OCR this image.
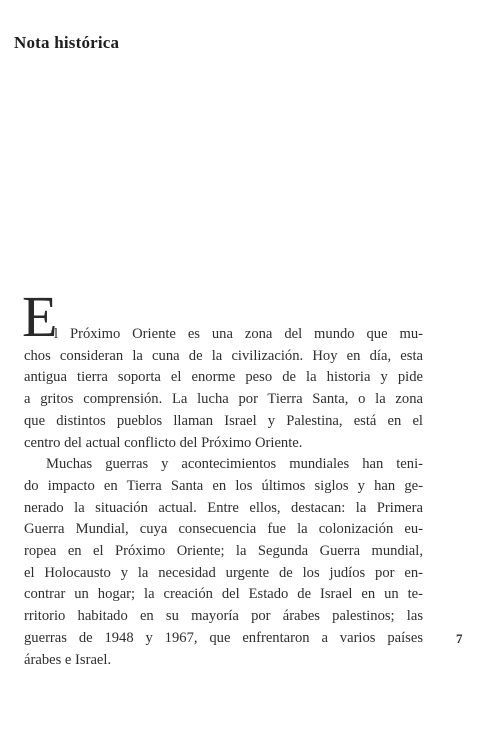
Nota histórica
E
l Próximo Oriente es una zona del mundo que mu-
chos consideran la cuna de la civilización. Hoy en día, esta
antigua tierra soporta el enorme peso de la historia y pide
a gritos comprensión. La lucha por Tierra Santa, o la zona
que distintos pueblos llaman Israel y Palestina, está en el
centro del actual conflicto del Próximo Oriente.
Muchas guerras y acontecimientos mundiales han teni-
do impacto en Tierra Santa en los últimos siglos y han ge-
nerado la situación actual. Entre ellos, destacan: la Primera
Guerra Mundial, cuya consecuencia fue la colonización eu-
ropea en el Próximo Oriente; la Segunda Guerra mundial,
el Holocausto y la necesidad urgente de los judíos por en-
contrar un hogar; la creación del Estado de Israel en un te-
rritorio habitado en su mayoría por árabes palestinos; las
guerras de 1948 y 1967, que enfrentaron a varios países
árabes e Israel.
7
